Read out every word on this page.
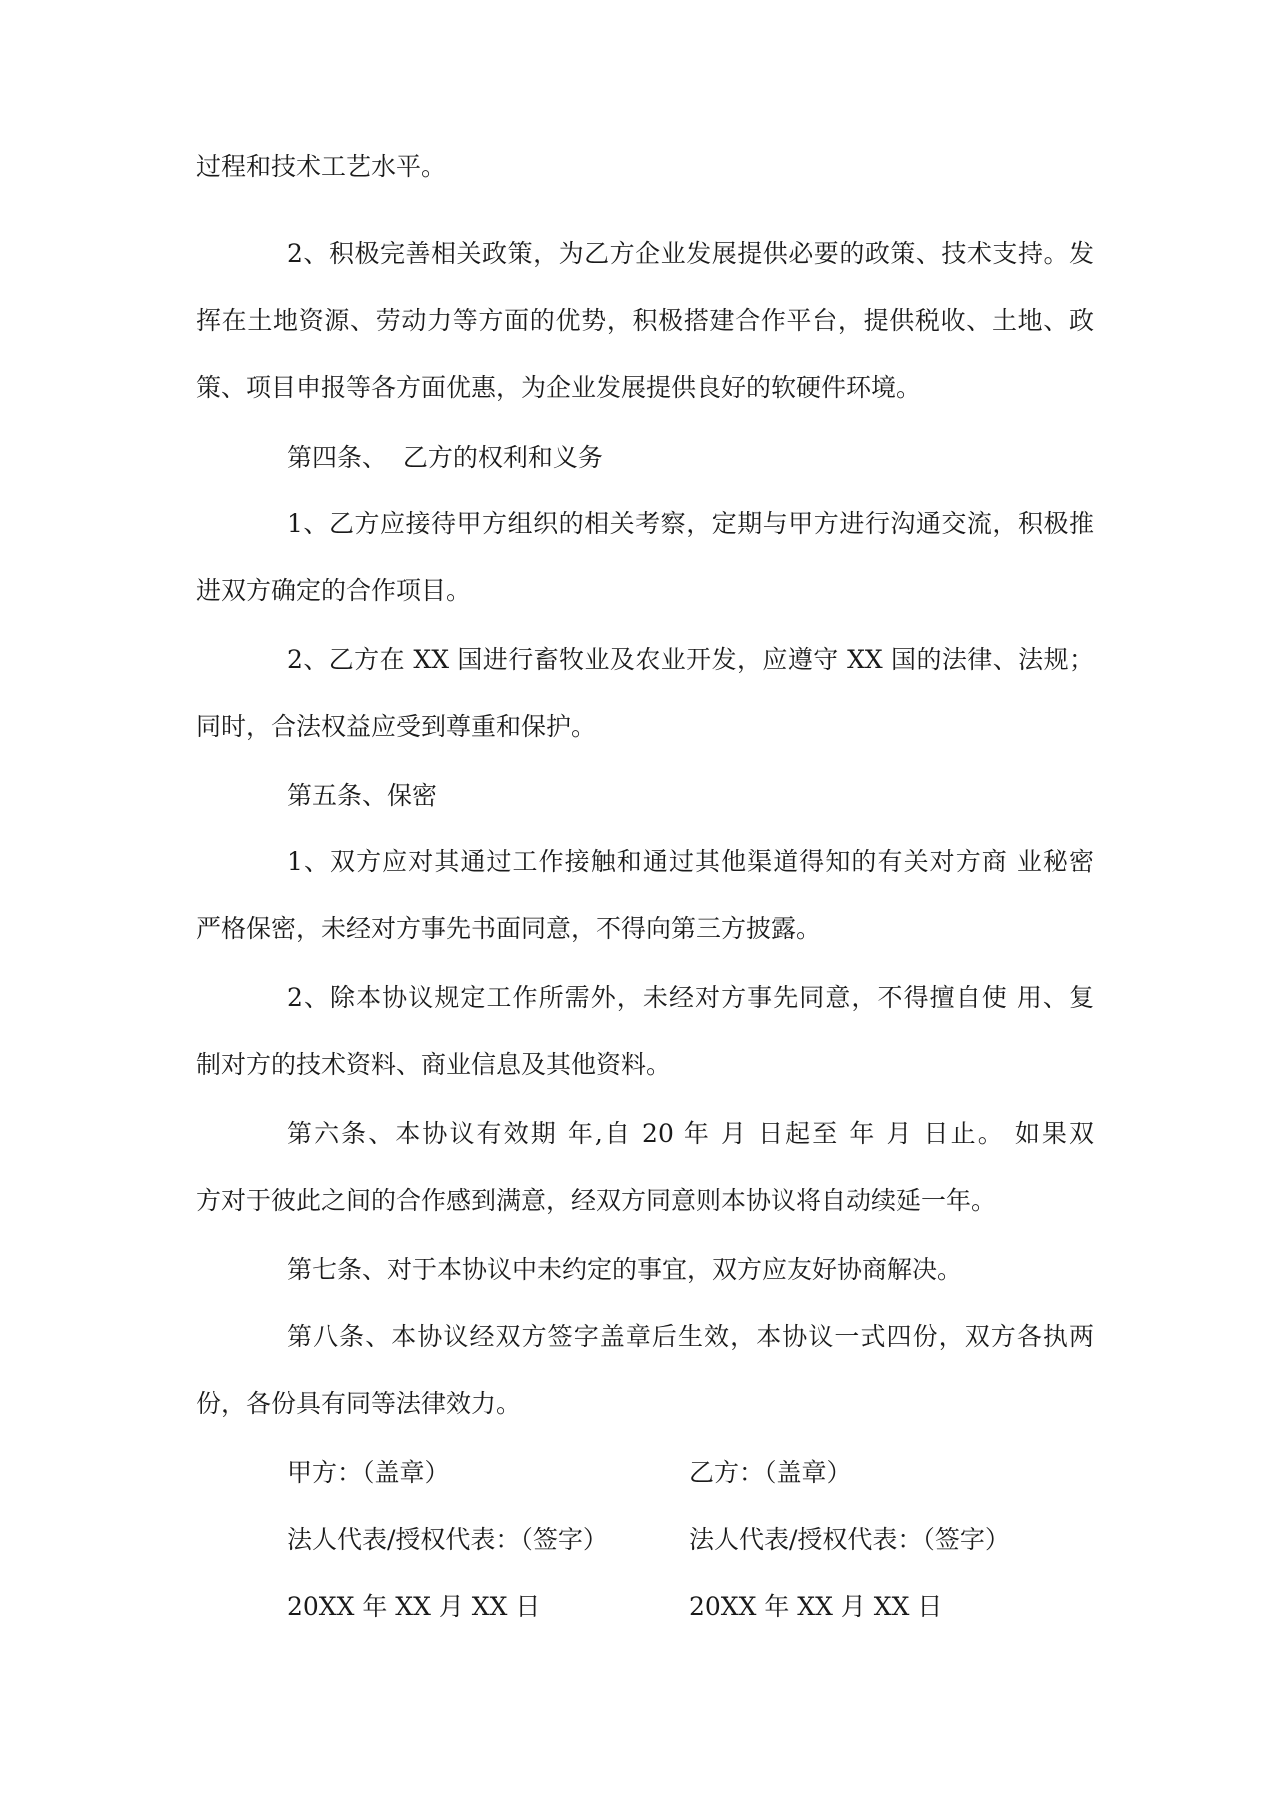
过程和技术工艺水平。
2、积极完善相关政策，为乙方企业发展提供必要的政策、技术支持。发
挥在土地资源、劳动力等方面的优势，积极搭建合作平台，提供税收、土地、政
策、项目申报等各方面优惠，为企业发展提供良好的软硬件环境。
第四条、  乙方的权利和义务
1、乙方应接待甲方组织的相关考察，定期与甲方进行沟通交流，积极推
进双方确定的合作项目。
2、乙方在 XX 国进行畜牧业及农业开发，应遵守 XX 国的法律、法规；
同时，合法权益应受到尊重和保护。
第五条、保密
1、双方应对其通过工作接触和通过其他渠道得知的有关对方商 业秘密
严格保密，未经对方事先书面同意，不得向第三方披露。
2、除本协议规定工作所需外，未经对方事先同意，不得擅自使 用、复
制对方的技术资料、商业信息及其他资料。
第六条、本协议有效期 年,自 20 年 月 日起至 年 月 日止。 如果双
方对于彼此之间的合作感到满意，经双方同意则本协议将自动续延一年。
第七条、对于本协议中未约定的事宜，双方应友好协商解决。
第八条、本协议经双方签字盖章后生效，本协议一式四份，双方各执两
份，各份具有同等法律效力。
甲方：（盖章）
法人代表/授权代表：（签字）
20XX 年 XX 月 XX 日
乙方：（盖章）
法人代表/授权代表：（签字）
20XX 年 XX 月 XX 日
